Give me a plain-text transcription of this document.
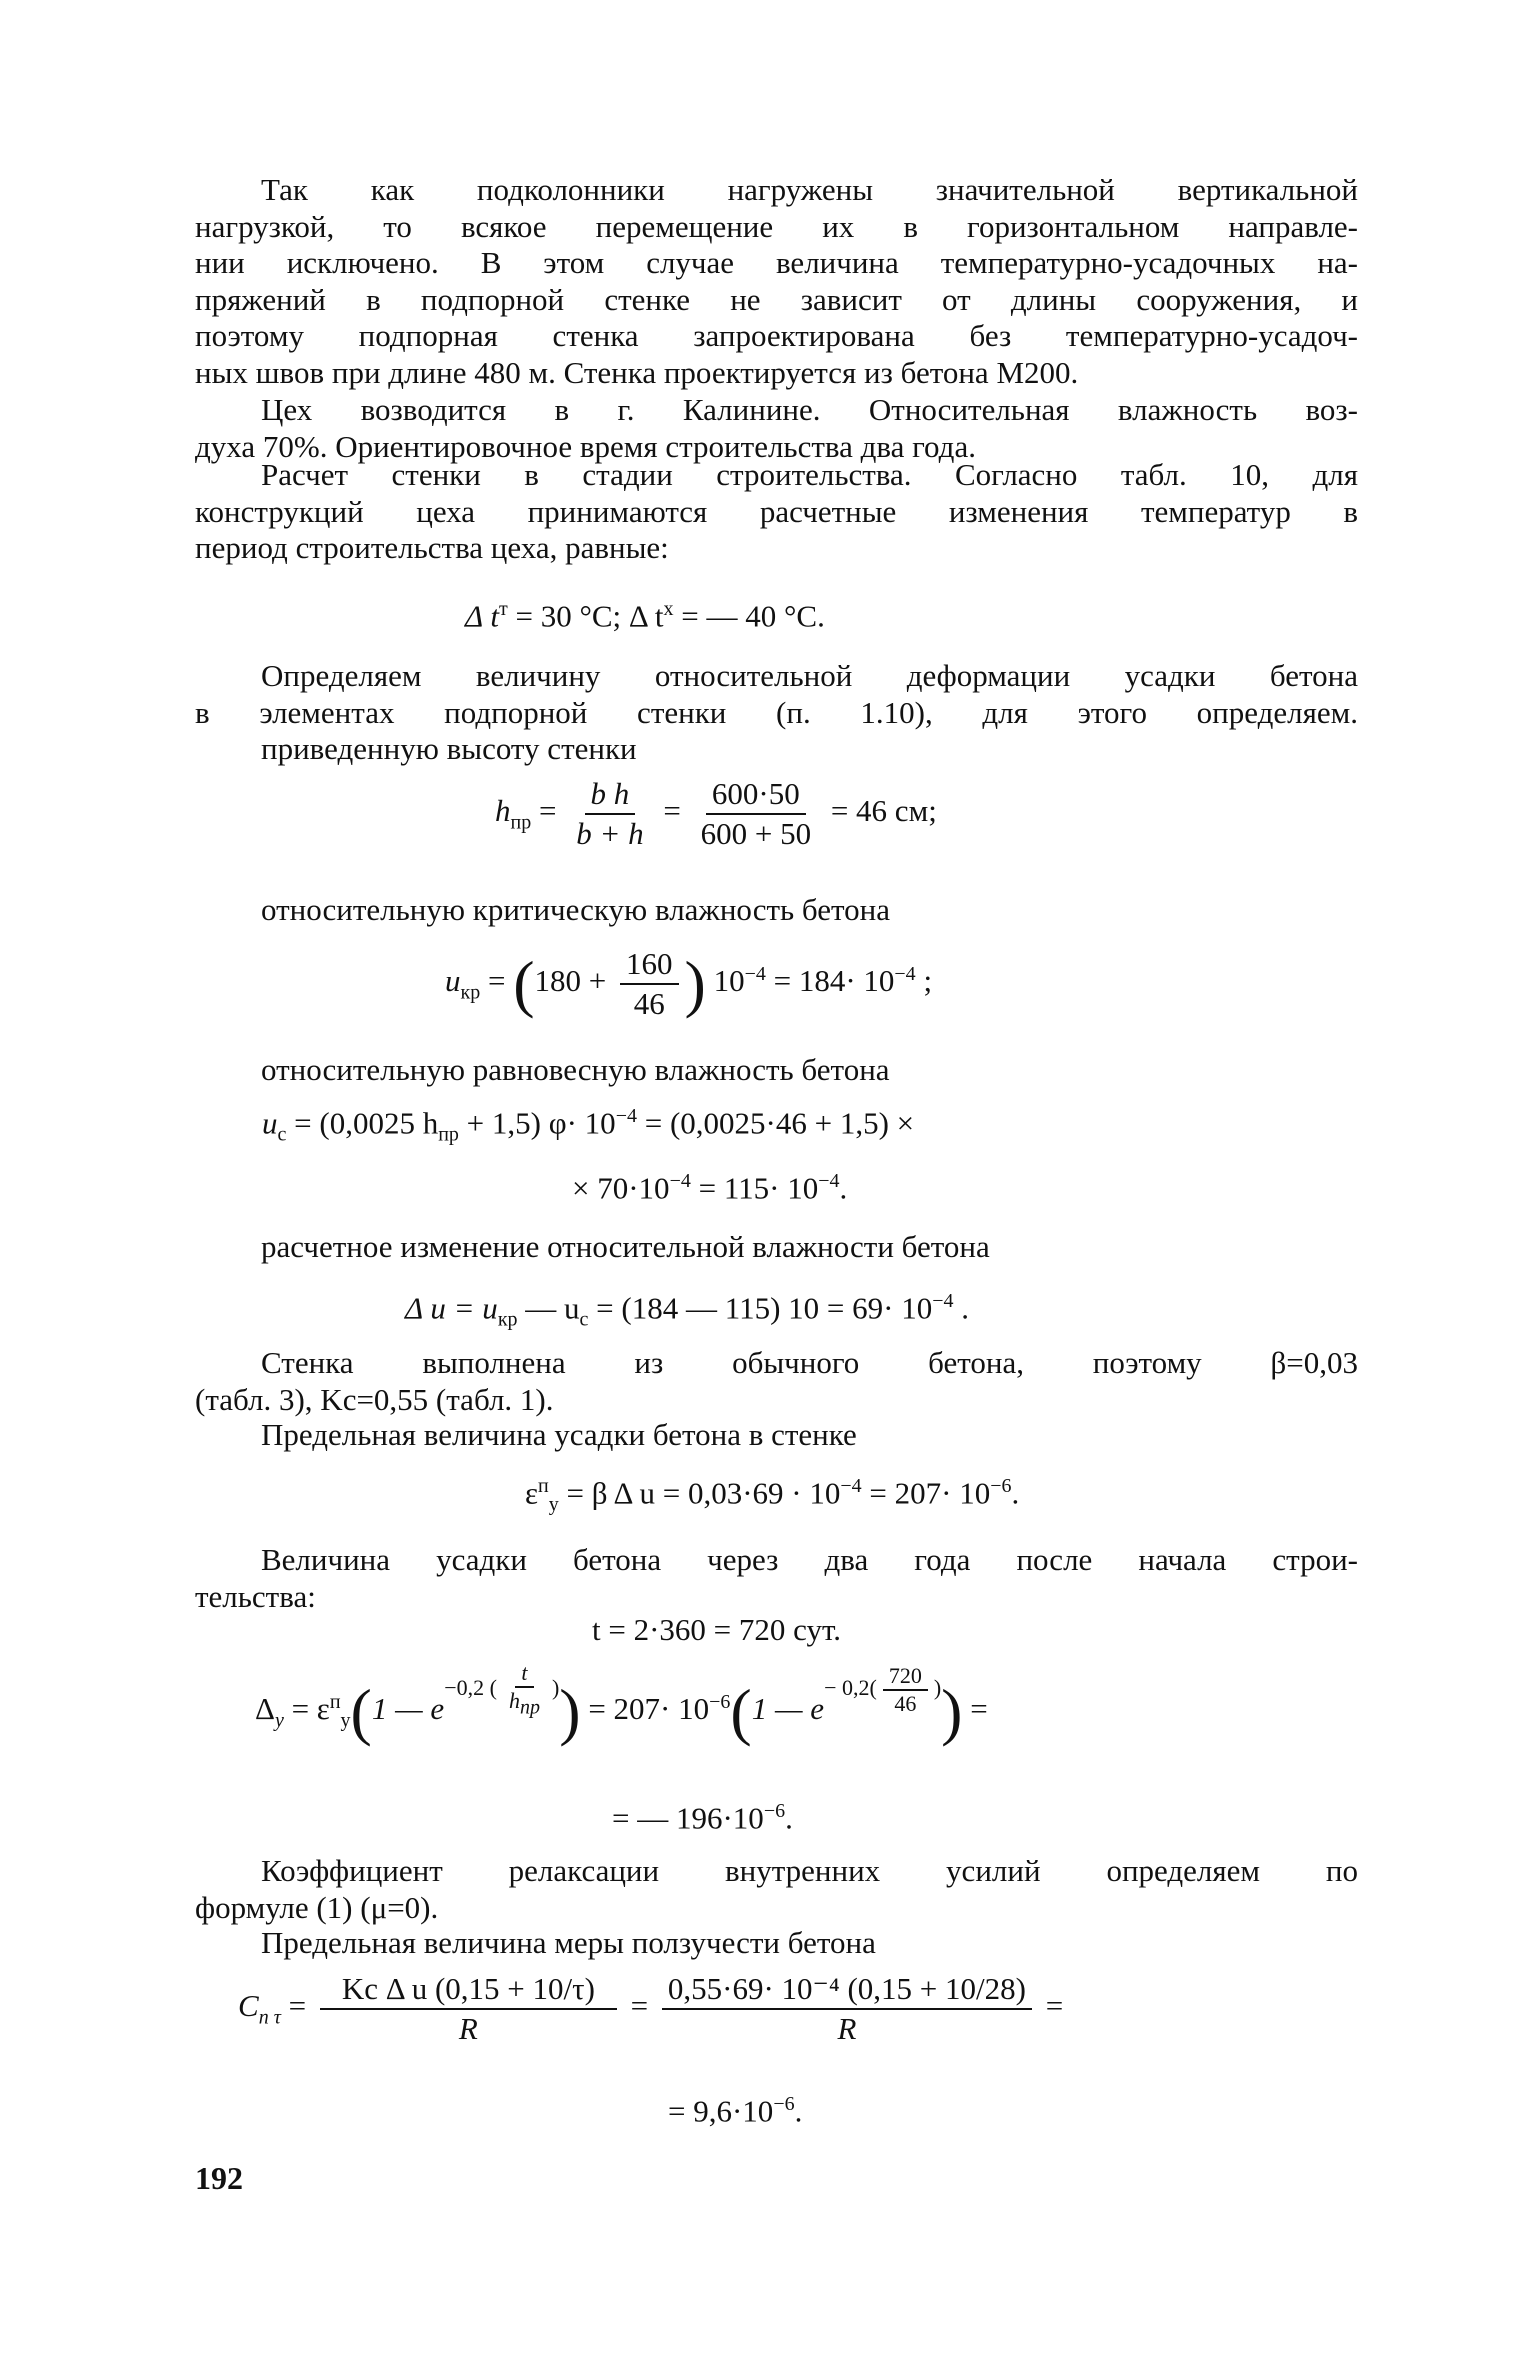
Так как подколонники нагружены значительной вертикальной
нагрузкой, то всякое перемещение их в горизонтальном направле-
нии исключено. В этом случае величина температурно-усадочных на-
пряжений в подпорной стенке не зависит от длины сооружения, и
поэтому подпорная стенка запроектирована без температурно-усадоч-
ных швов при длине 480 м. Стенка проектируется из бетона М200.
Цех возводится в г. Калинине. Относительная влажность воз-
духа 70%. Ориентировочное время строительства два года.
Расчет стенки в стадии строительства. Согласно табл. 10, для
конструкций цеха принимаются расчетные изменения температур в
период строительства цеха, равные:
Δ $t^т = 30$ °С; Δ $t^х$ = — 40 °С.
Определяем величину относительной деформации усадки бетона
в элементах подпорной стенки (п. 1.10), для этого определяем.
приведенную высоту стенки
$h_{пр} = \frac{\text{b h}}{b + h} = \frac{600\cdot 50}{600 + 50} = 46$ см;
относительную критическую влажность бетона
$u_{кр} = (180 + \frac{160}{46}$ ) $10^{-4} = 184\cdot 10^{-4}$ ;
относительную равновесную влажность бетона
$u_с = (0,0025$ $h_{пр} + 1,5$) $\varphi\cdot 10^{-4} = (0,0025\cdot 46 + 1,5)$ ×
× $70\cdot 10^{-4} = 115\cdot 10^{-4}$.
расчетное изменение относительной влажности бетона
Δ $u = u_{кр}$ — $u_с = (184$ — 115) $10 = 69\cdot 10^{-4}$ .
Стенка выполнена из обычного бетона, поэтому β=0,03
(табл. 3), Kс=0,55 (табл. 1).
Предельная величина усадки бетона в стенке
$\varepsilon^п_у = \beta$ Δ $u = 0,03\cdot 69 \cdot 10^{-4} = 207\cdot 10^{-6}$.
Величина усадки бетона через два года после начала строи-
тельства:
t = 2·360 = 720 сут.
$\Delta_y = \varepsilon^п_y(1$ — e−0,2 ( $\frac{t}{h_{пр}}$ )) = $207\cdot 10^{-6}(1$ — $e- 0,2( \frac{720}{46}$ )) =
= — $196\cdot 10^{-6}$.
Коэффициент релаксации внутренних усилий определяем по
формуле (1) (μ=0).
Предельная величина меры ползучести бетона
$C_{п \tau} = \frac{\text{Kс Δ u (0,15 + 10/τ)}}{R} = \frac{\text{0,55·69· 10⁻⁴ (0,15 + 10/28)}}{R}$ =
= $9,6\cdot 10^{-6}$.
192
